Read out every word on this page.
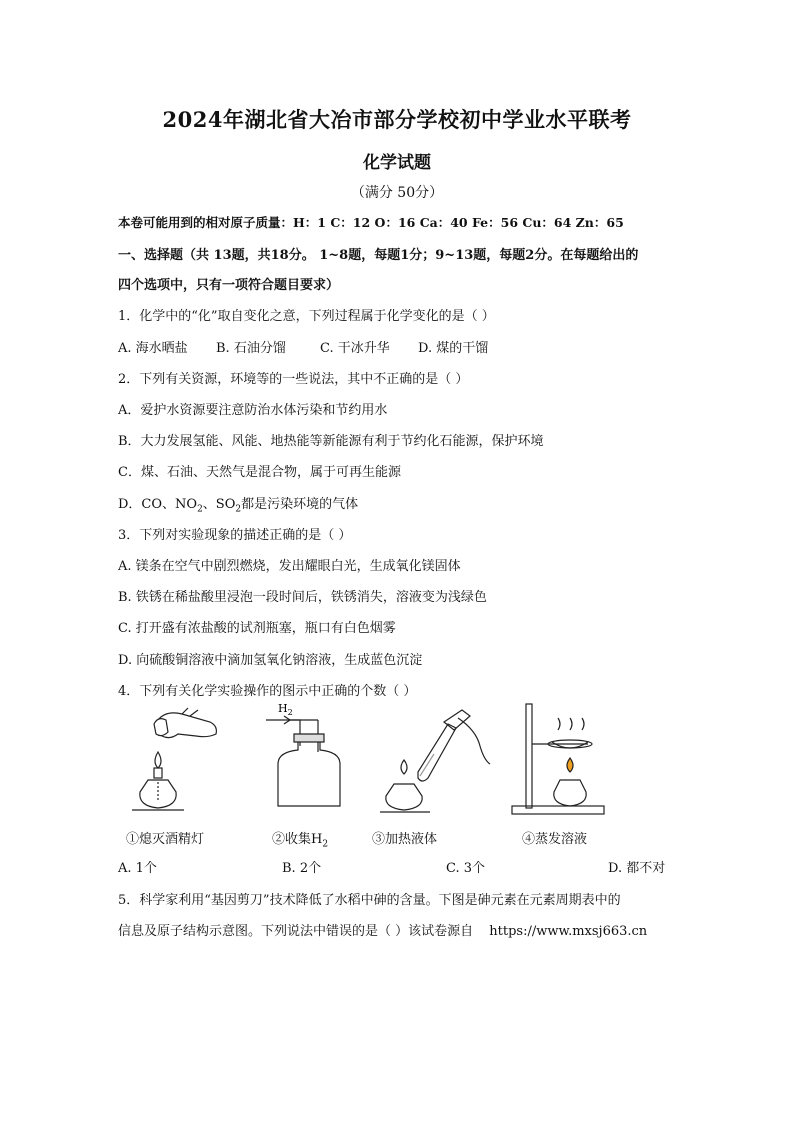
2024年湖北省大冶市部分学校初中学业水平联考
化学试题
（满分 50分）
本卷可能用到的相对原子质量：H：1 C：12 O：16 Ca：40 Fe：56 Cu：64 Zn：65
一、选择题（共 13题，共18分。 1~8题，每题1分；9~13题，每题2分。在每题给出的
四个选项中，只有一项符合题目要求）
1．化学中的“化”取自变化之意，下列过程属于化学变化的是（ ）
A. 海水晒盐 B. 石油分馏	C. 干冰升华 D. 煤的干馏
2．下列有关资源，环境等的一些说法，其中不正确的是（ ）
A．爱护水资源要注意防治水体污染和节约用水
B．大力发展氢能、风能、地热能等新能源有利于节约化石能源，保护环境
C．煤、石油、天然气是混合物，属于可再生能源
D．CO、$NO_2$、$SO_2$都是污染环境的气体
3．下列对实验现象的描述正确的是（ ）
A. 镁条在空气中剧烈燃烧，发出耀眼白光，生成氧化镁固体
B. 铁锈在稀盐酸里浸泡一段时间后，铁锈消失，溶液变为浅绿色
C. 打开盛有浓盐酸的试剂瓶塞，瓶口有白色烟雾
D. 向硫酸铜溶液中滴加氢氧化钠溶液，生成蓝色沉淀
4．下列有关化学实验操作的图示中正确的个数（ ）
$H_2$
①熄灭酒精灯	②收集$H_2$	③加热液体	④蒸发溶液
A. 1个	B. 2个	C. 3个	D. 都不对
5．科学家利用“基因剪刀”技术降低了水稻中砷的含量。下图是砷元素在元素周期表中的
信息及原子结构示意图。下列说法中错误的是（ ）该试卷源自 https://www.mxsj663.cn
